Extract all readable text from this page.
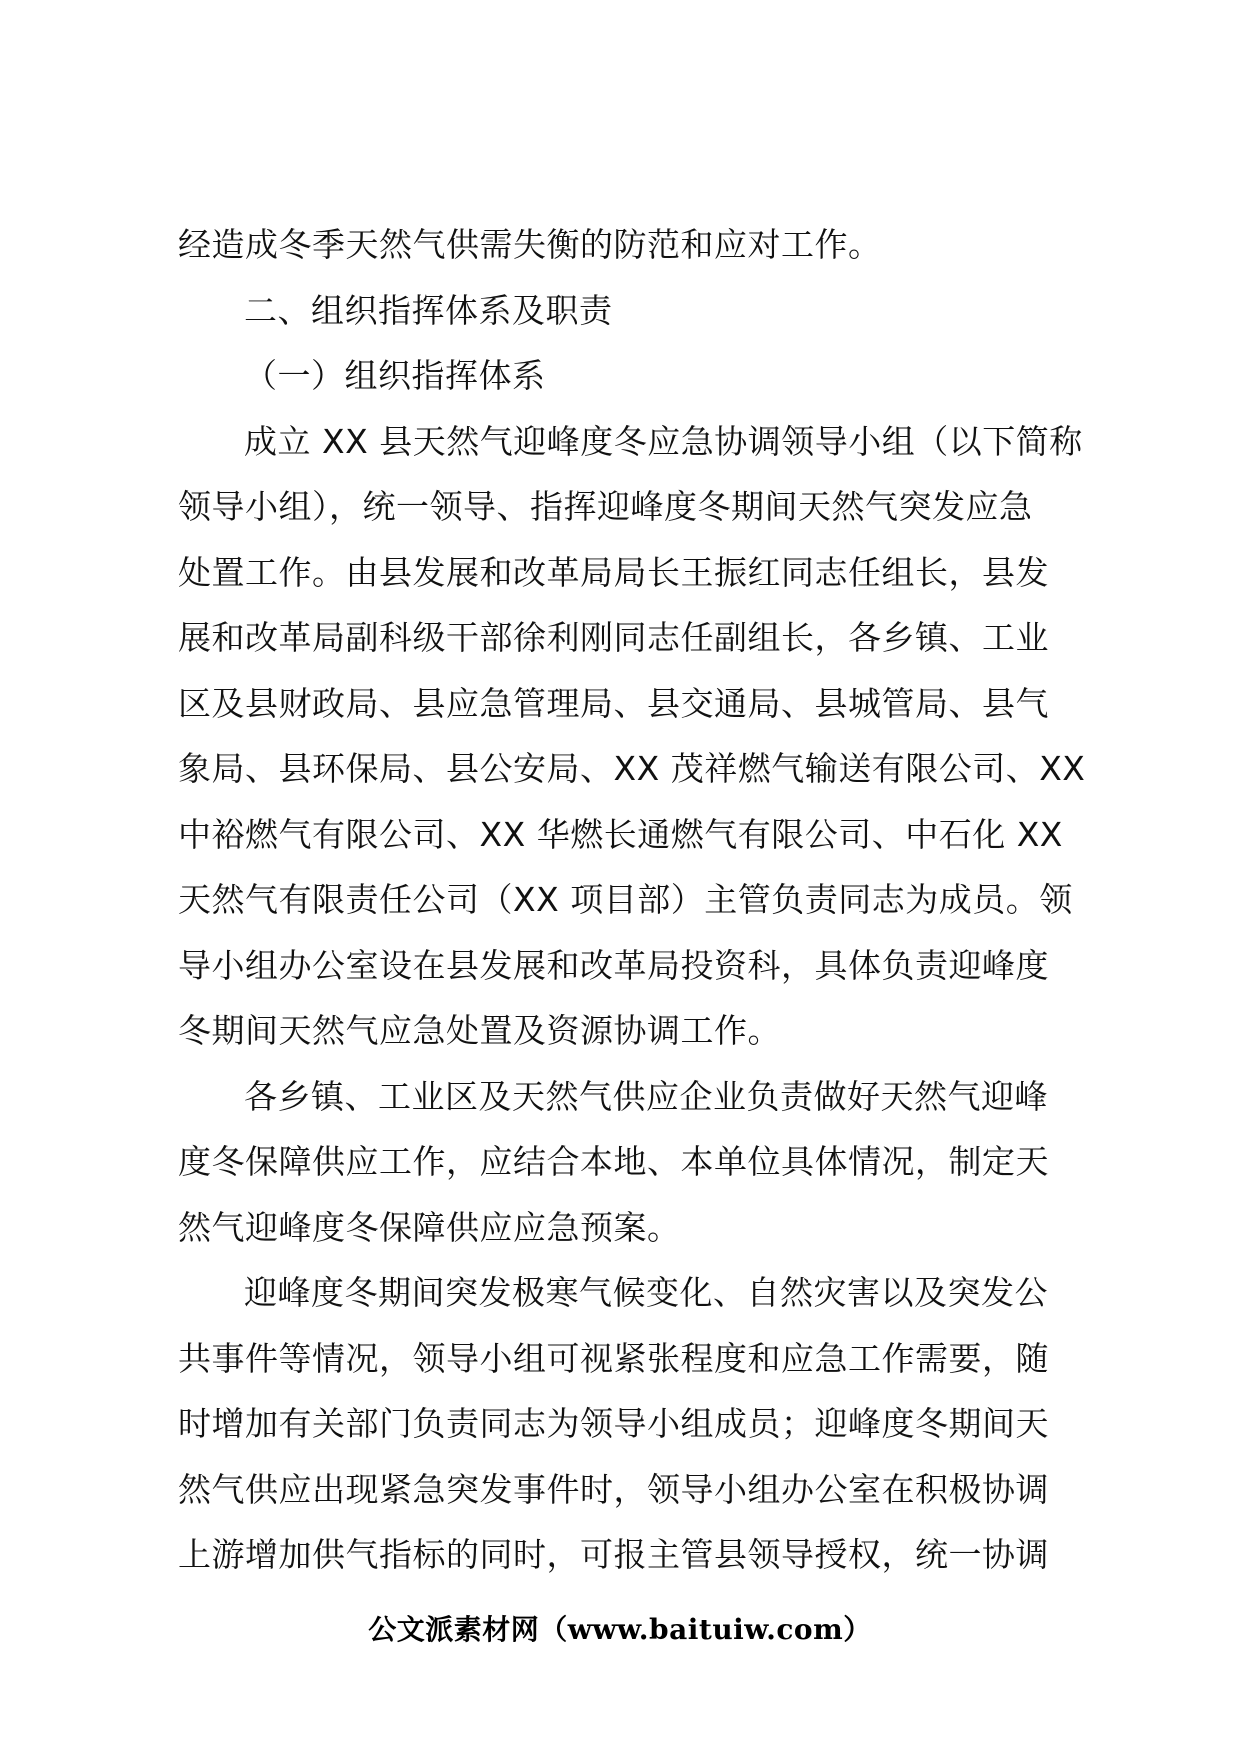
经造成冬季天然气供需失衡的防范和应对工作。
二、组织指挥体系及职责
（一）组织指挥体系
成立 XX 县天然气迎峰度冬应急协调领导小组（以下简称
领导小组），统一领导、指挥迎峰度冬期间天然气突发应急
处置工作。由县发展和改革局局长王振红同志任组长，县发
展和改革局副科级干部徐利刚同志任副组长，各乡镇、工业
区及县财政局、县应急管理局、县交通局、县城管局、县气
象局、县环保局、县公安局、XX 茂祥燃气输送有限公司、XX
中裕燃气有限公司、XX 华燃长通燃气有限公司、中石化 XX
天然气有限责任公司（XX 项目部）主管负责同志为成员。领
导小组办公室设在县发展和改革局投资科，具体负责迎峰度
冬期间天然气应急处置及资源协调工作。
各乡镇、工业区及天然气供应企业负责做好天然气迎峰
度冬保障供应工作，应结合本地、本单位具体情况，制定天
然气迎峰度冬保障供应应急预案。
迎峰度冬期间突发极寒气候变化、自然灾害以及突发公
共事件等情况，领导小组可视紧张程度和应急工作需要，随
时增加有关部门负责同志为领导小组成员；迎峰度冬期间天
然气供应出现紧急突发事件时，领导小组办公室在积极协调
上游增加供气指标的同时，可报主管县领导授权，统一协调
公文派素材网（www.baituiw.com）
